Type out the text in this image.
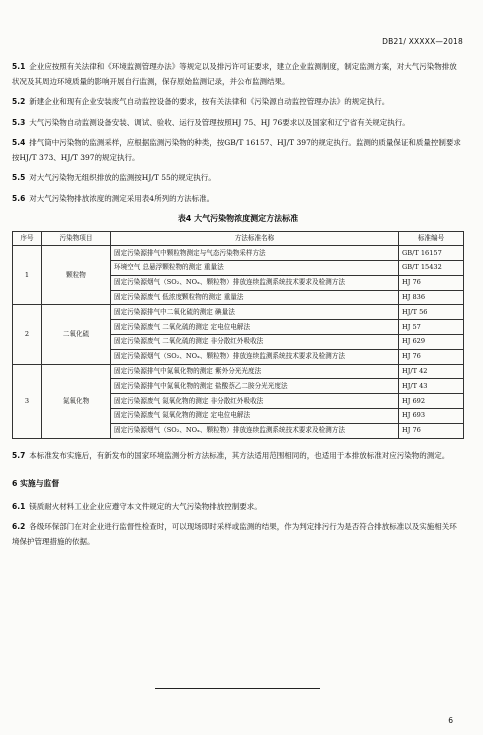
DB21/ XXXXX—2018

5.1 企业应按照有关法律和《环境监测管理办法》等规定以及排污许可证要求，建立企业监测制度，制定监测方案，对大气污染物排放状况及其周边环境质量的影响开展自行监测，保存原始监测记录，并公布监测结果。

5.2 新建企业和现有企业安装废气自动监控设备的要求，按有关法律和《污染源自动监控管理办法》的规定执行。

5.3 大气污染物自动监测设备安装、调试、验收、运行及管理按照HJ 75、HJ 76要求以及国家和辽宁省有关规定执行。

5.4 排气筒中污染物的监测采样，应根据监测污染物的种类，按GB/T 16157、HJ/T 397的规定执行。监测的质量保证和质量控制要求按HJ/T 373、HJ/T 397的规定执行。

5.5 对大气污染物无组织排放的监测按HJ/T 55的规定执行。

5.6 对大气污染物排放浓度的测定采用表4所列的方法标准。

表4 大气污染物浓度测定方法标准
序号	污染物项目	方法标准名称	标准编号
1	颗粒物	固定污染源排气中颗粒物测定与气态污染物采样方法	GB/T 16157
		环境空气 总悬浮颗粒物的测定 重量法	GB/T 15432
		固定污染源烟气（SO₂、NOₓ、颗粒物）排放连续监测系统技术要求及检测方法	HJ 76
		固定污染源废气 低浓度颗粒物的测定 重量法	HJ 836
2	二氧化硫	固定污染源排气中二氧化硫的测定 碘量法	HJ/T 56
		固定污染源废气 二氧化硫的测定 定电位电解法	HJ 57
		固定污染源废气 二氧化硫的测定 非分散红外吸收法	HJ 629
		固定污染源烟气（SO₂、NOₓ、颗粒物）排放连续监测系统技术要求及检测方法	HJ 76
3	氮氧化物	固定污染源排气中氮氧化物的测定 紫外分光光度法	HJ/T 42
		固定污染源排气中氮氧化物的测定 盐酸萘乙二胺分光光度法	HJ/T 43
		固定污染源废气 氮氧化物的测定 非分散红外吸收法	HJ 692
		固定污染源废气 氮氧化物的测定 定电位电解法	HJ 693
		固定污染源烟气（SO₂、NOₓ、颗粒物）排放连续监测系统技术要求及检测方法	HJ 76

5.7 本标准发布实施后，有新发布的国家环境监测分析方法标准，其方法适用范围相同的，也适用于本排放标准对应污染物的测定。

6 实施与监督

6.1 镁质耐火材料工业企业应遵守本文件规定的大气污染物排放控制要求。

6.2 各级环保部门在对企业进行监督性检查时，可以现场即时采样或监测的结果，作为判定排污行为是否符合排放标准以及实施相关环境保护管理措施的依据。

6
